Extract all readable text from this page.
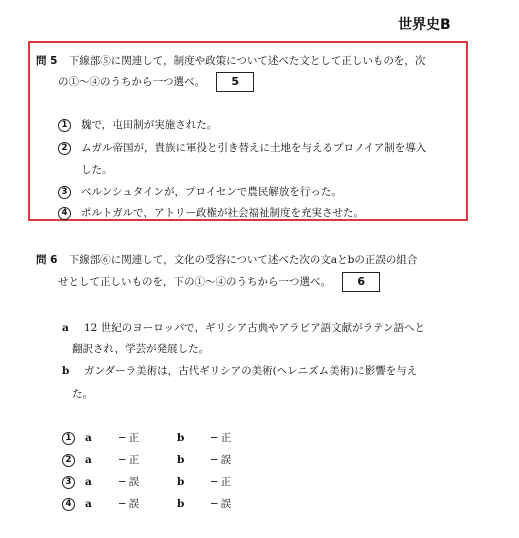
世界史B
問 5 下線部⑤に関連して，制度や政策について述べた文として正しいものを，次
の①～④のうちから一つ選べ。 5
1 魏で，屯田制が実施された。
2 ムガル帝国が，貴族に軍役と引き替えに土地を与えるプロノイア制を導入
した。
3 ベルンシュタインが，プロイセンで農民解放を行った。
4 ポルトガルで，アトリー政権が社会福祉制度を充実させた。
問 6 下線部⑥に関連して，文化の受容について述べた次の文aとbの正誤の組合
せとして正しいものを，下の①～④のうちから一つ選べ。 6
a 12 世紀のヨーロッパで，ギリシア古典やアラビア語文献がラテン語へと
翻訳され，学芸が発展した。
b ガンダーラ美術は，古代ギリシアの美術(ヘレニズム美術)に影響を与え
た。
1 a	─ 正	b	─ 正
2 a	─ 正	b	─ 誤
3 a	─ 誤	b	─ 正
4 a	─ 誤	b	─ 誤
